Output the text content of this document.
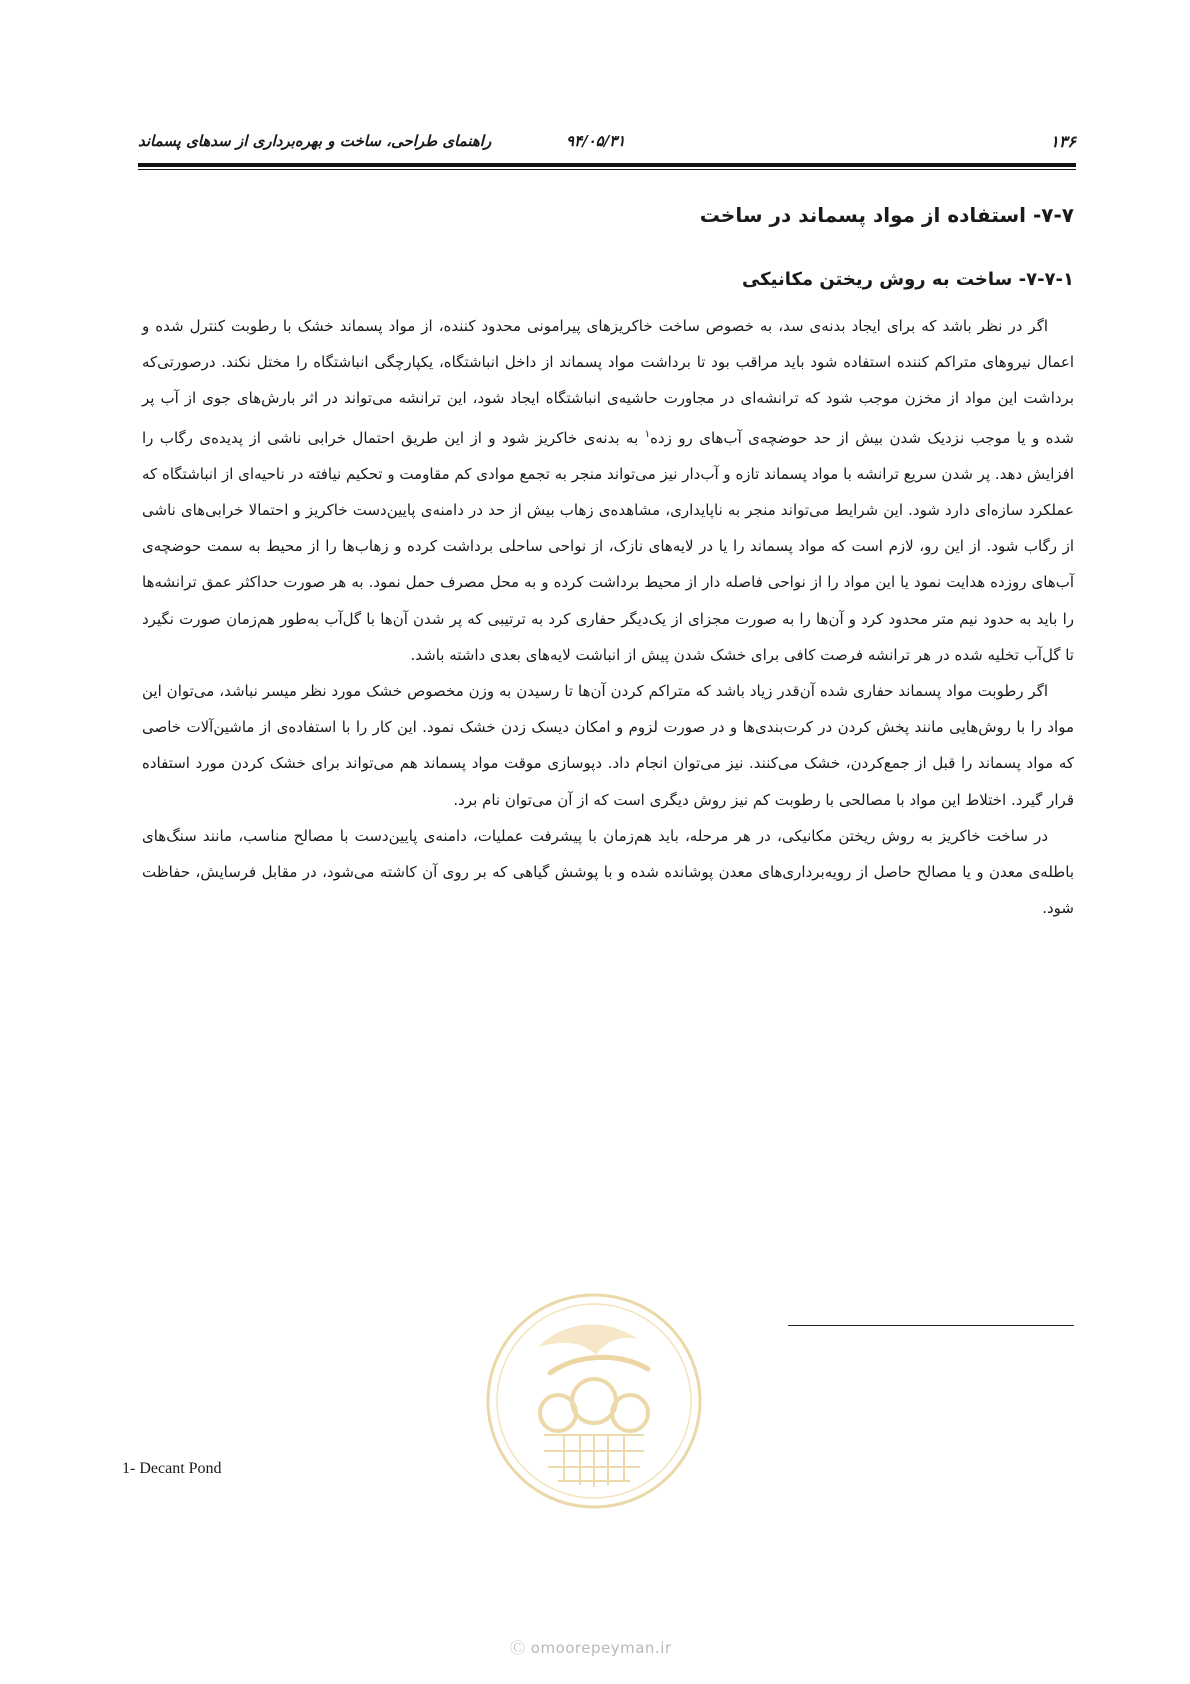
راهنمای طراحی، ساخت و بهره‌برداری از سدهای پسماند	۹۴/۰۵/۳۱	۱۳۶
۷-۷- استفاده از مواد پسماند در ساخت
۷-۷-۱- ساخت به روش ریختن مکانیکی

اگر در نظر باشد که برای ایجاد بدنه‌ی سد، به خصوص ساخت خاکریزهای پیرامونی محدود کننده، از مواد پسماند خشک با رطوبت کنترل شده و اعمال نیروهای متراکم کننده استفاده شود باید مراقب بود تا برداشت مواد پسماند از داخل انباشتگاه، یکپارچگی انباشتگاه را مختل نکند. درصورتی‌که برداشت این مواد از مخزن موجب شود که ترانشه‌ای در مجاورت حاشیه‌ی انباشتگاه ایجاد شود، این ترانشه می‌تواند در اثر بارش‌های جوی از آب پر شده و یا موجب نزدیک شدن بیش از حد حوضچه‌ی آب‌های رو زده$^۱$ به بدنه‌ی خاکریز شود و از این طریق احتمال خرابی ناشی از پدیده‌ی رگاب را افزایش دهد. پر شدن سریع ترانشه با مواد پسماند تازه و آب‌دار نیز می‌تواند منجر به تجمع موادی کم مقاومت و تحکیم نیافته در ناحیه‌ای از انباشتگاه که عملکرد سازه‌ای دارد شود. این شرایط می‌تواند منجر به ناپایداری، مشاهده‌ی زهاب بیش از حد در دامنه‌ی پایین‌دست خاکریز و احتمالا خرابی‌های ناشی از رگاب شود. از این رو، لازم است که مواد پسماند را یا در لایه‌های نازک، از نواحی ساحلی برداشت کرده و زهاب‌ها را از محیط به سمت حوضچه‌ی آب‌های روزده هدایت نمود یا این مواد را از نواحی فاصله دار از محیط برداشت کرده و به محل مصرف حمل نمود. به هر صورت حداکثر عمق ترانشه‌ها را باید به حدود نیم متر محدود کرد و آن‌ها را به صورت مجزای از یک‌دیگر حفاری کرد به ترتیبی که پر شدن آن‌ها با گل‌آب به‌طور هم‌زمان صورت نگیرد تا گل‌آب تخلیه شده در هر ترانشه فرصت کافی برای خشک شدن پیش از انباشت لایه‌های بعدی داشته باشد.

اگر رطوبت مواد پسماند حفاری شده آن‌قدر زیاد باشد که متراکم کردن آن‌ها تا رسیدن به وزن مخصوص خشک مورد نظر میسر نباشد، می‌توان این مواد را با روش‌هایی مانند پخش کردن در کرت‌بندی‌ها و در صورت لزوم و امکان دیسک زدن خشک نمود. این کار را با استفاده‌ی از ماشین‌آلات خاصی که مواد پسماند را قبل از جمع‌کردن، خشک می‌کنند. نیز می‌توان انجام داد. دپوسازی موقت مواد پسماند هم می‌تواند برای خشک کردن مورد استفاده قرار گیرد. اختلاط این مواد با مصالحی با رطوبت کم نیز روش دیگری است که از آن می‌توان نام برد.

در ساخت خاکریز به روش ریختن مکانیکی، در هر مرحله، باید هم‌زمان با پیشرفت عملیات، دامنه‌ی پایین‌دست با مصالح مناسب، مانند سنگ‌های باطله‌ی معدن و یا مصالح حاصل از رویه‌برداری‌های معدن پوشانده شده و با پوشش گیاهی که بر روی آن کاشته می‌شود، در مقابل فرسایش، حفاظت شود.

1- Decant Pond
Ⓒ omoorepeyman.ir
